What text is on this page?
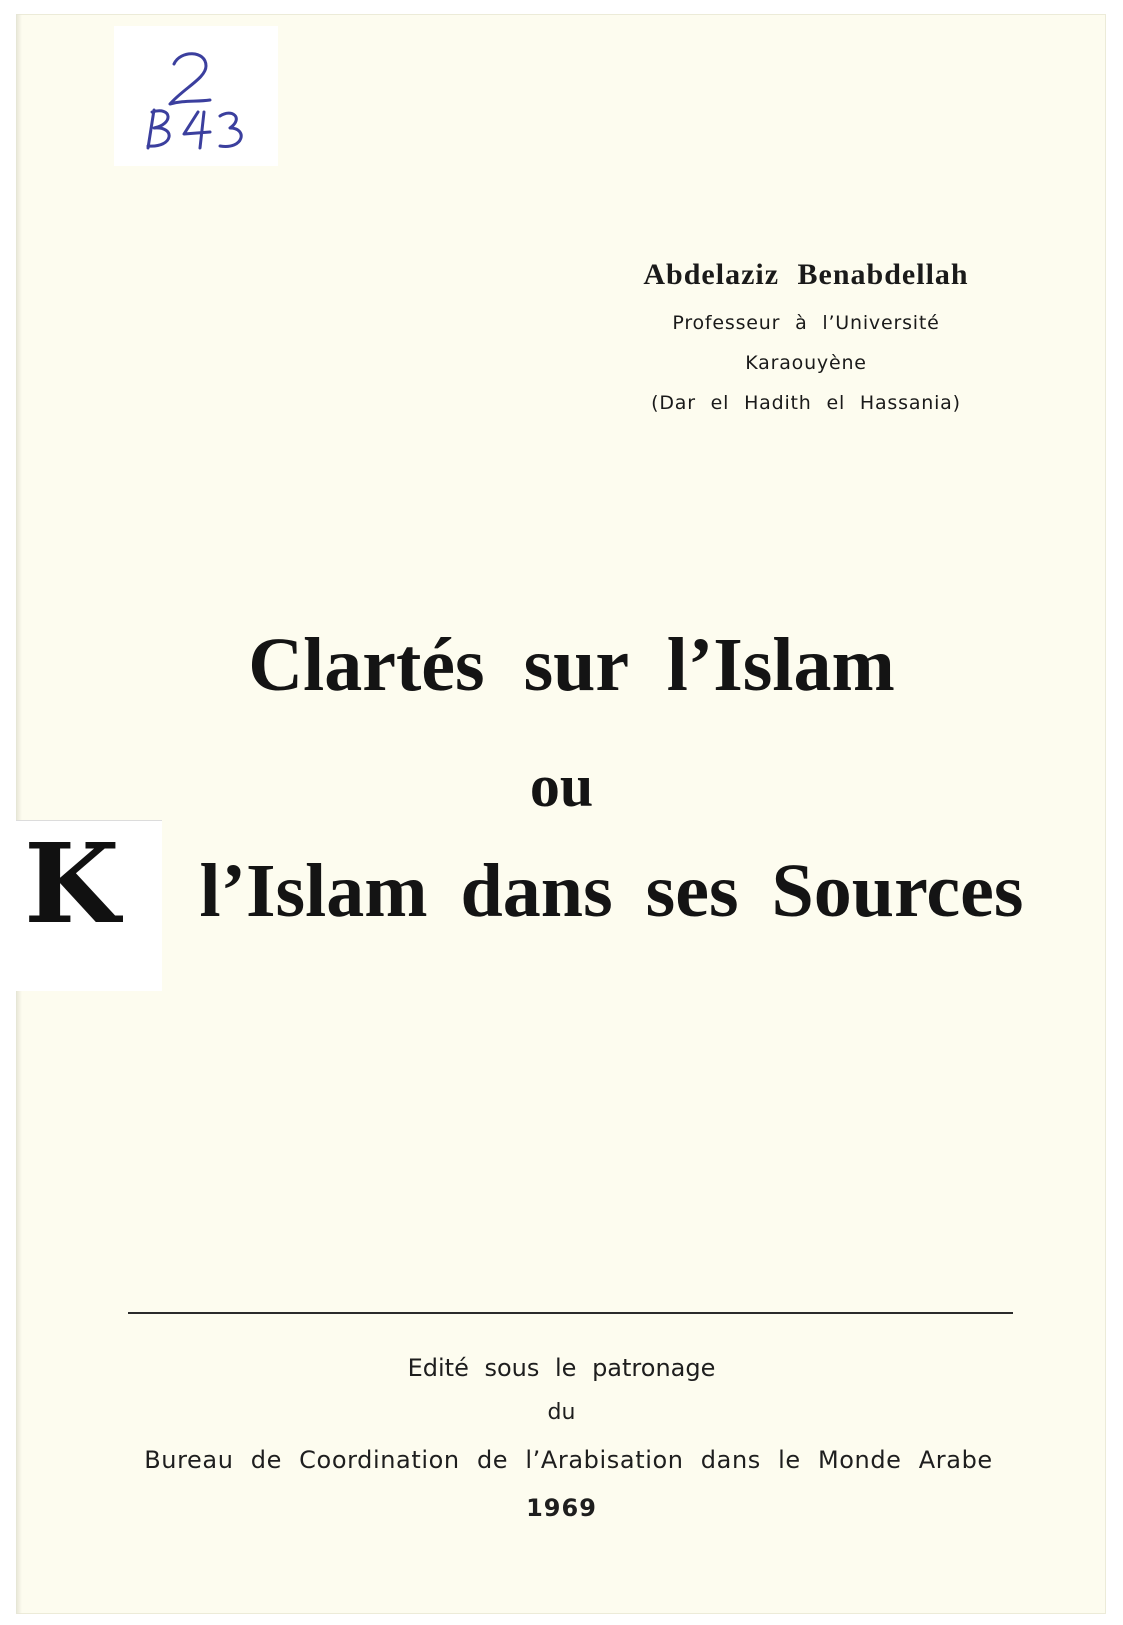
K

Abdelaziz Benabdellah

Professeur à l’Université

Karaouyène

(Dar el Hadith el Hassania)

Clartés sur l’Islam
ou
l’Islam dans ses Sources

Edité sous le patronage

du

Bureau de Coordination de l’Arabisation dans le Monde Arabe

1969
